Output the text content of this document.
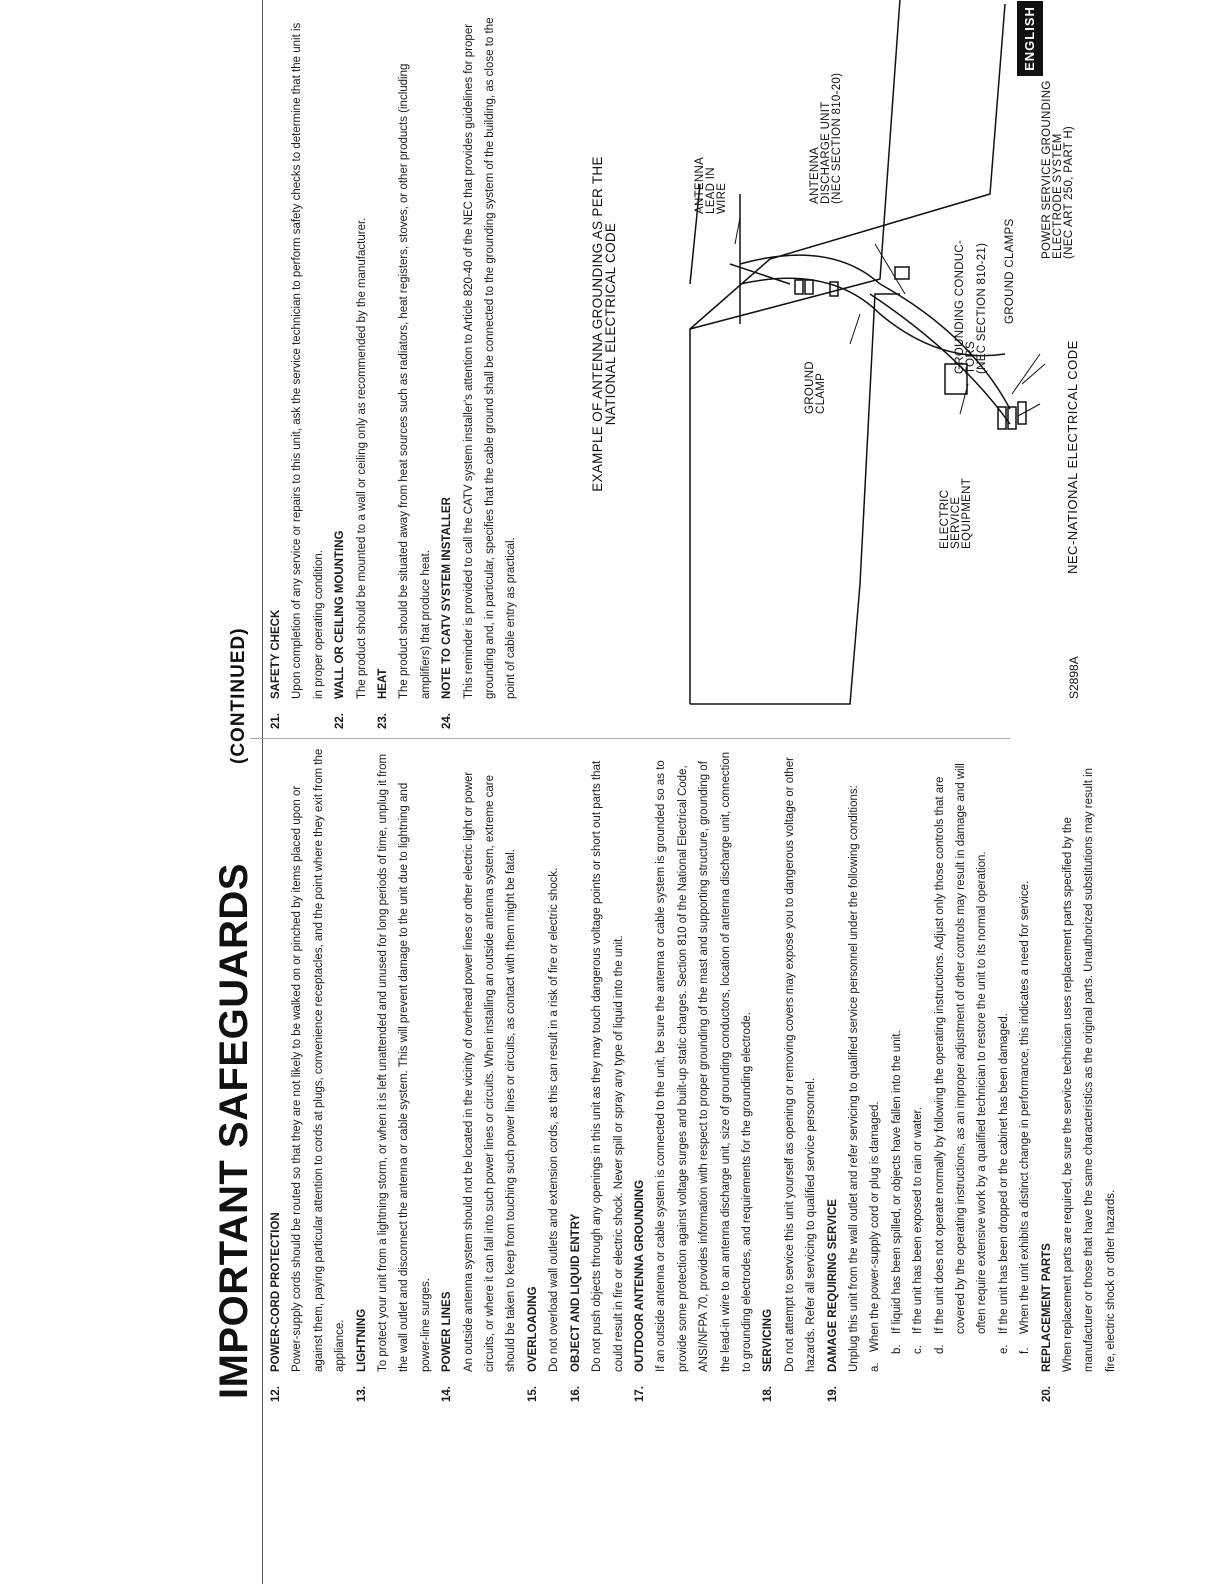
IMPORTANT SAFEGUARDS
(CONTINUED)
12.
POWER-CORD PROTECTION Power-supply cords should be routed so that they are not likely to be walked on or pinched by items placed upon or against them, paying particular attention to cords at plugs, convenience receptacles, and the point where they exit from the appliance.

13.
LIGHTNING To protect your unit from a lightning storm, or when it is left unattended and unused for long periods of time, unplug it from the wall outlet and disconnect the antenna or cable system. This will prevent damage to the unit due to lightning and power-line surges.

14.
POWER LINES An outside antenna system should not be located in the vicinity of overhead power lines or other electric light or power circuits, or where it can fall into such power lines or circuits. When installing an outside antenna system, extreme care should be taken to keep from touching such power lines or circuits, as contact with them might be fatal.

15.
OVERLOADING Do not overload wall outlets and extension cords, as this can result in a risk of fire or electric shock.

16.
OBJECT AND LIQUID ENTRY Do not push objects through any openings in this unit as they may touch dangerous voltage points or short out parts that could result in fire or electric shock. Never spill or spray any type of liquid into the unit.

17.
OUTDOOR ANTENNA GROUNDING If an outside antenna or cable system is connected to the unit, be sure the antenna or cable system is grounded so as to provide some protection against voltage surges and built-up static charges. Section 810 of the National Electrical Code, ANSI/NFPA 70, provides information with respect to proper grounding of the mast and supporting structure, grounding of the lead-in wire to an antenna discharge unit, size of grounding conductors, location of antenna discharge unit, connection to grounding electrodes, and requirements for the grounding electrode.

18.
SERVICING Do not attempt to service this unit yourself as opening or removing covers may expose you to dangerous voltage or other hazards. Refer all servicing to qualified service personnel.

19.
DAMAGE REQUIRING SERVICE Unplug this unit from the wall outlet and refer servicing to qualified service personnel under the following conditions: a.
When the power-supply cord or plug is damaged. b.
If liquid has been spilled, or objects have fallen into the unit.
c.
If the unit has been exposed to rain or water.
d.
If the unit does not operate normally by following the operating instructions. Adjust only those controls that are covered by the operating instructions, as an improper adjustment of other controls may result in damage and will often require extensive work by a qualified technician to restore the unit to its normal operation.
e.
If the unit has been dropped or the cabinet has been damaged.
f.
When the unit exhibits a distinct change in performance, this indicates a need for service.
20.
REPLACEMENT PARTS When replacement parts are required, be sure the service technician uses replacement parts specified by the manufacturer or those that have the same characteristics as the original parts. Unauthorized substitutions may result in fire, electric shock or other hazards.

21.
SAFETY CHECK Upon completion of any service or repairs to this unit, ask the service technician to perform safety checks to determine that the unit is in proper operating condition.

22.
WALL OR CEILING MOUNTING The product should be mounted to a wall or ceiling only as recommended by the manufacturer.

23.
HEAT The product should be situated away from heat sources such as radiators, heat registers, stoves, or other products (including amplifiers) that produce heat.

24.
NOTE TO CATV SYSTEM INSTALLER This reminder is provided to call the CATV system installer's attention to Article 820-40 of the NEC that provides guidelines for proper grounding and, in particular, specifies that the cable ground shall be connected to the grounding system of the building, as close to the point of cable entry as practical.

EXAMPLE OF ANTENNA GROUNDING AS PER THE
NATIONAL ELECTRICAL CODE
ANTENNA LEAD IN WIRE	ANTENNA DISCHARGE UNIT (NEC SECTION 810-20)
GROUNDING CONDUC- TORS (NEC SECTION 810-21) GROUND CLAMPS
POWER SERVICE GROUNDING ELECTRODE SYSTEM (NEC ART 250, PART H)
GROUND CLAMP
ELECTRIC SERVICE EQUIPMENT	NEC-NATIONAL ELECTRICAL CODE
S2898A
ENGLISH
